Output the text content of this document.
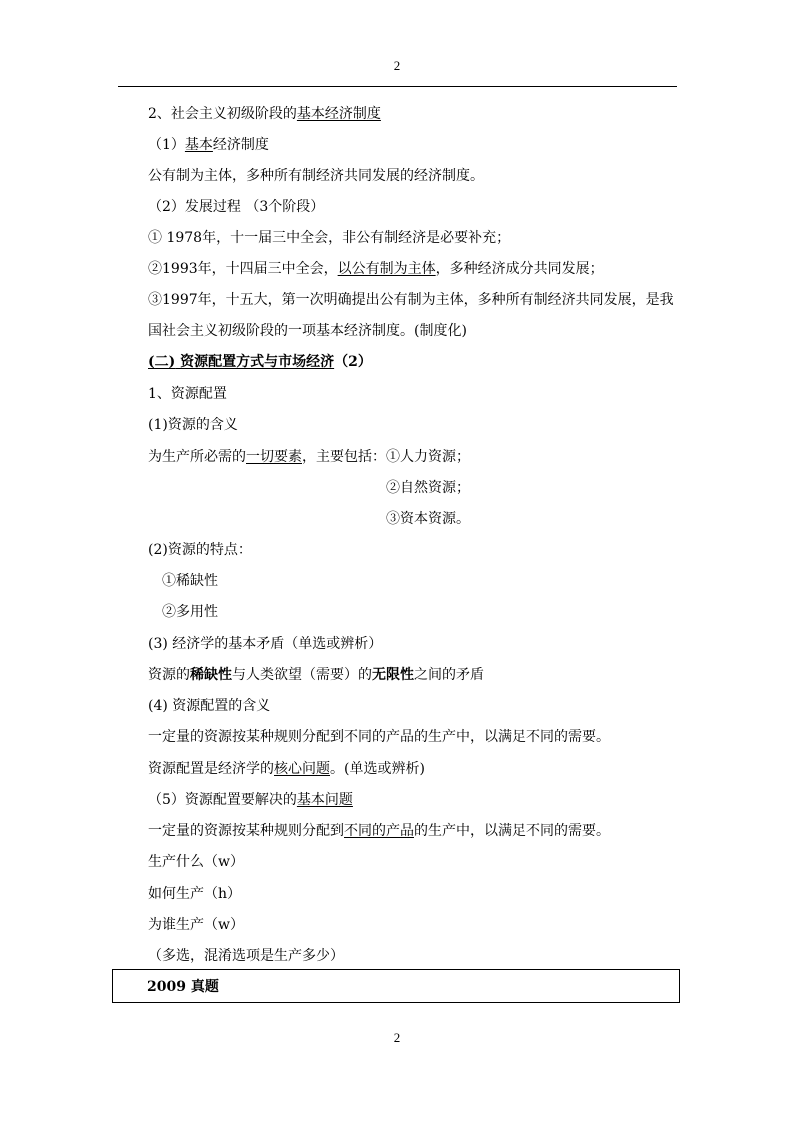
2
2、社会主义初级阶段的基本经济制度
（1）基本经济制度
公有制为主体，多种所有制经济共同发展的经济制度。
（2）发展过程 （3个阶段）
① 1978年，十一届三中全会，非公有制经济是必要补充；
②1993年，十四届三中全会，以公有制为主体，多种经济成分共同发展；
③1997年，十五大，第一次明确提出公有制为主体，多种所有制经济共同发展，是我
国社会主义初级阶段的一项基本经济制度。(制度化)
(二) 资源配置方式与市场经济（2）
1、资源配置
(1)资源的含义
为生产所必需的一切要素，主要包括：①人力资源；
②自然资源；
③资本资源。
(2)资源的特点：
①稀缺性
②多用性
(3) 经济学的基本矛盾（单选或辨析）
资源的稀缺性与人类欲望（需要）的无限性之间的矛盾
(4) 资源配置的含义
一定量的资源按某种规则分配到不同的产品的生产中，以满足不同的需要。
资源配置是经济学的核心问题。(单选或辨析)
（5）资源配置要解决的基本问题
一定量的资源按某种规则分配到不同的产品的生产中，以满足不同的需要。
生产什么（w）
如何生产（h）
为谁生产（w）
（多选，混淆选项是生产多少）
2009 真题
2
